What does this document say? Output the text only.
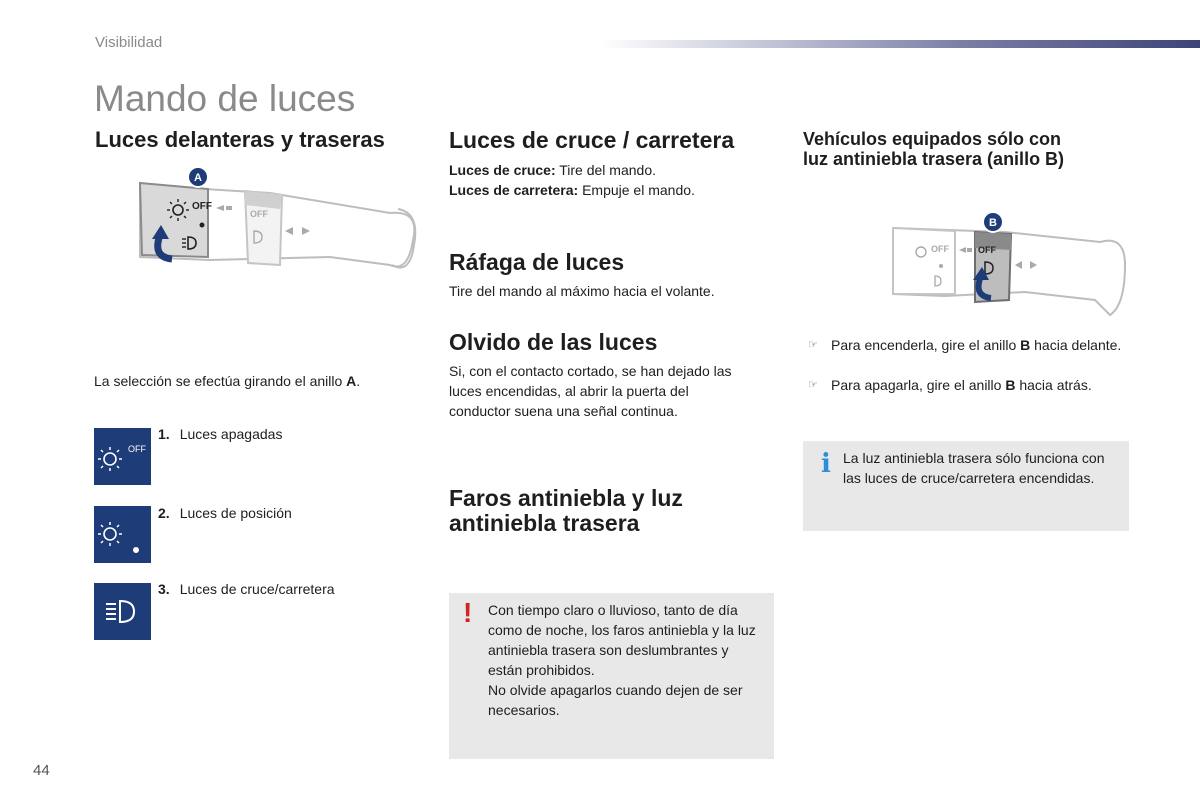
Visibilidad
Mando de luces
Luces delanteras y traseras
OFF
OFF
A
La selección se efectúa girando el anillo A.
OFF
1. Luces apagadas
2. Luces de posición
3. Luces de cruce/carretera
Luces de cruce / carretera
Luces de cruce: Tire del mando.
Luces de carretera: Empuje el mando.
Ráfaga de luces
Tire del mando al máximo hacia el volante.
Olvido de las luces
Si, con el contacto cortado, se han dejado las luces encendidas, al abrir la puerta del conductor suena una señal continua.
Faros antiniebla y luz
antiniebla trasera
! Con tiempo claro o lluvioso, tanto de día como de noche, los faros antiniebla y la luz antiniebla trasera son deslumbrantes y están prohibidos.
No olvide apagarlos cuando dejen de ser necesarios.
Vehículos equipados sólo con
luz antiniebla trasera (anillo B)
OFF
OFF
B
☞ Para encenderla, gire el anillo B hacia delante.
☞ Para apagarla, gire el anillo B hacia atrás.
i La luz antiniebla trasera sólo funciona con las luces de cruce/carretera encendidas.
44
